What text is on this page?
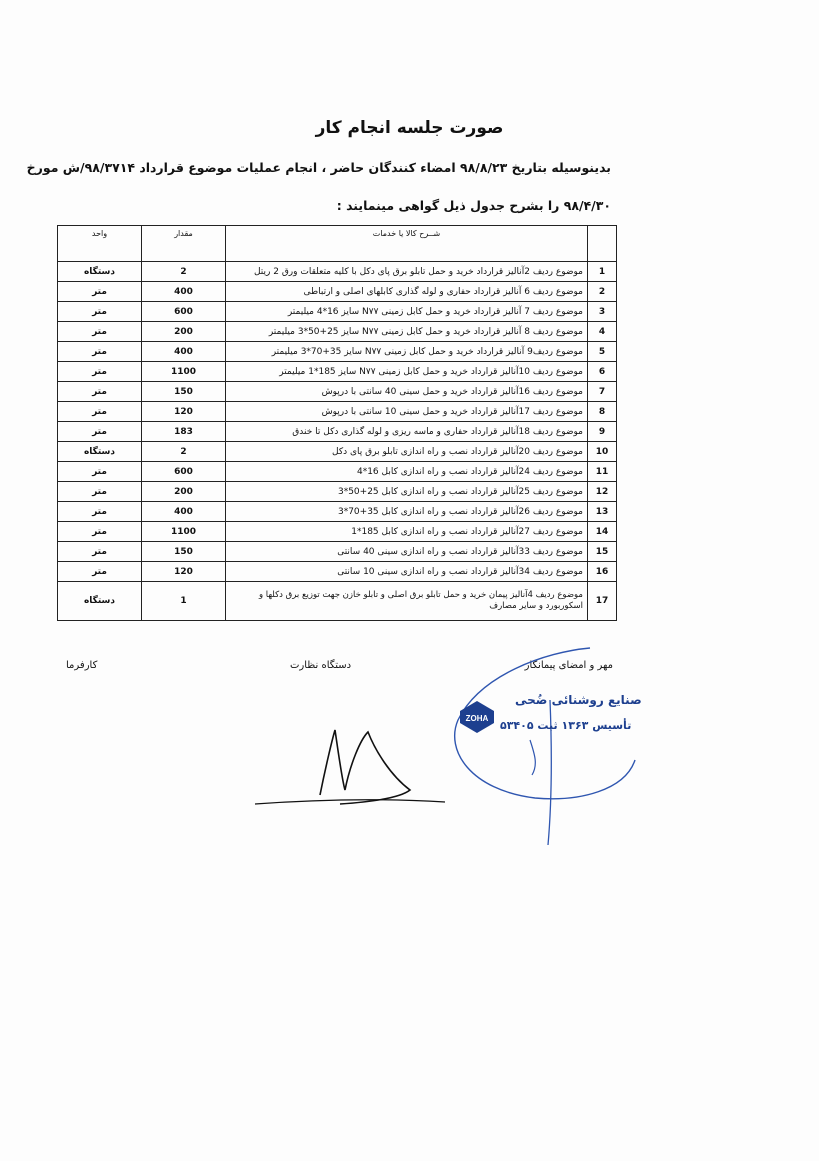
صورت جلسه انجام کار
بدینوسیله بتاریخ ۹۸/۸/۲۳ امضاء کنندگان حاضر ، انجام عملیات موضوع قرارداد ۹۸/۳۷۱۴/ش مورخ
۹۸/۴/۳۰ را بشرح جدول ذیل گواهی مینمایند :
واحد	مقدار	شــرح کالا یا خدمات	
دستگاه	2	موضوع ردیف 2آنالیز قرارداد خرید و حمل تابلو برق پای دکل با کلیه متعلقات ورق 2 ریتل	1
متر	400	موضوع ردیف 6 آنالیز قرارداد حفاری و لوله گذاری کابلهای اصلی و ارتباطی	2
متر	600	موضوع ردیف 7 آنالیز قرارداد خرید و حمل کابل زمینی N۷۷ سایز 16*4 میلیمتر	3
متر	200	موضوع ردیف 8 آنالیز قرارداد خرید و حمل کابل زمینی N۷۷ سایز 25+50*3 میلیمتر	4
متر	400	موضوع ردیف9 آنالیز قرارداد خرید و حمل کابل زمینی N۷۷ سایز 35+70*3 میلیمتر	5
متر	1100	موضوع ردیف 10آنالیز قرارداد خرید و حمل کابل زمینی N۷۷ سایز 185*1 میلیمتر	6
متر	150	موضوع ردیف 16آنالیز قرارداد خرید و حمل سینی 40 سانتی با درپوش	7
متر	120	موضوع ردیف 17آنالیز قرارداد خرید و حمل سینی 10 سانتی با درپوش	8
متر	183	موضوع ردیف 18آنالیز قرارداد حفاری و ماسه ریزی و لوله گذاری دکل تا خندق	9
دستگاه	2	موضوع ردیف 20آنالیز قرارداد نصب و راه اندازی تابلو برق پای دکل	10
متر	600	موضوع ردیف 24آنالیز قرارداد نصب و راه اندازی کابل 16*4	11
متر	200	موضوع ردیف 25آنالیز قرارداد نصب و راه اندازی کابل 25+50*3	12
متر	400	موضوع ردیف 26آنالیز قرارداد نصب و راه اندازی کابل 35+70*3	13
متر	1100	موضوع ردیف 27آنالیز قرارداد نصب و راه اندازی کابل 185*1	14
متر	150	موضوع ردیف 33آنالیز قرارداد نصب و راه اندازی سینی 40 سانتی	15
متر	120	موضوع ردیف 34آنالیز قرارداد نصب و راه اندازی سینی 10 سانتی	16
دستگاه	1	موضوع ردیف 4آنالیز پیمان خرید و حمل تابلو برق اصلی و تابلو خازن جهت توزیع برق دکلها و اسکوربورد و سایر مصارف	17
مهر و امضای پیمانکار
دستگاه نظارت
کارفرما
ZOHA
صنایع روشنائی ضُحی
تأسیس ۱۳۶۳ ثبت ۵۳۴۰۵
